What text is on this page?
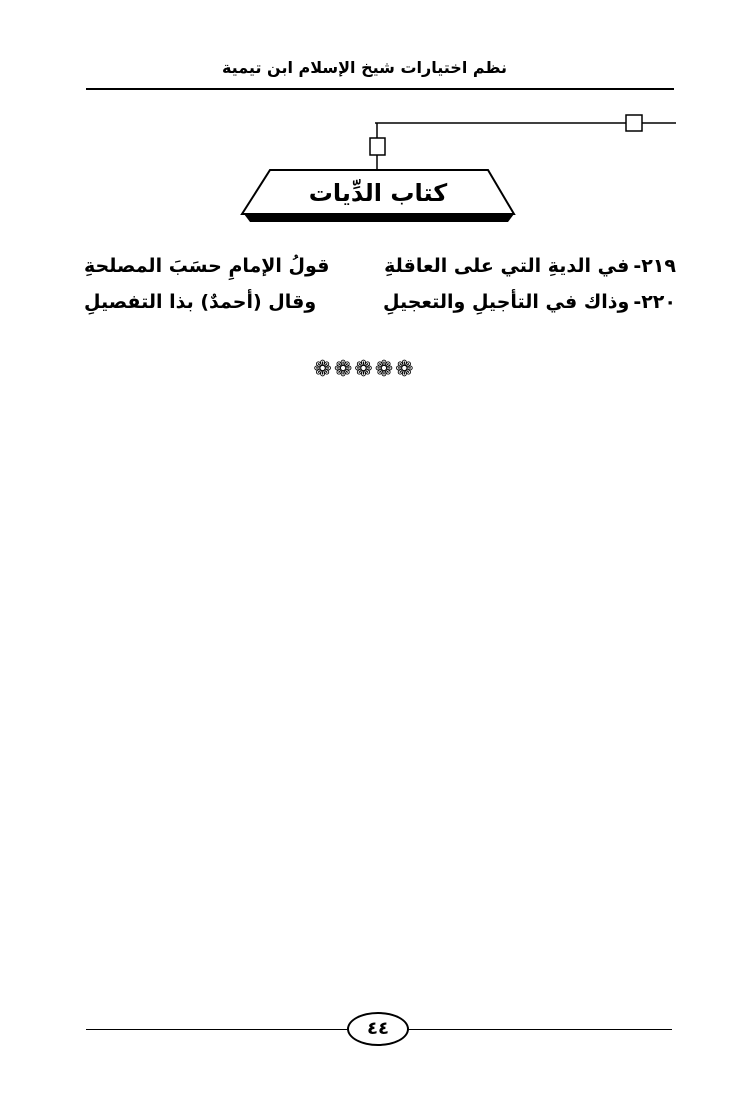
نظم اختيارات شيخ الإسلام ابن تيمية
كتاب الدِّيات
٢١٩-في الديةِ التي على العاقلةِ
قولُ الإمامِ حسَبَ المصلحةِ
٢٢٠-وذاك في التأجيلِ والتعجيلِ
وقال (أحمدٌ) بذا التفصيلِ
❁❁❁❁❁
٤٤
